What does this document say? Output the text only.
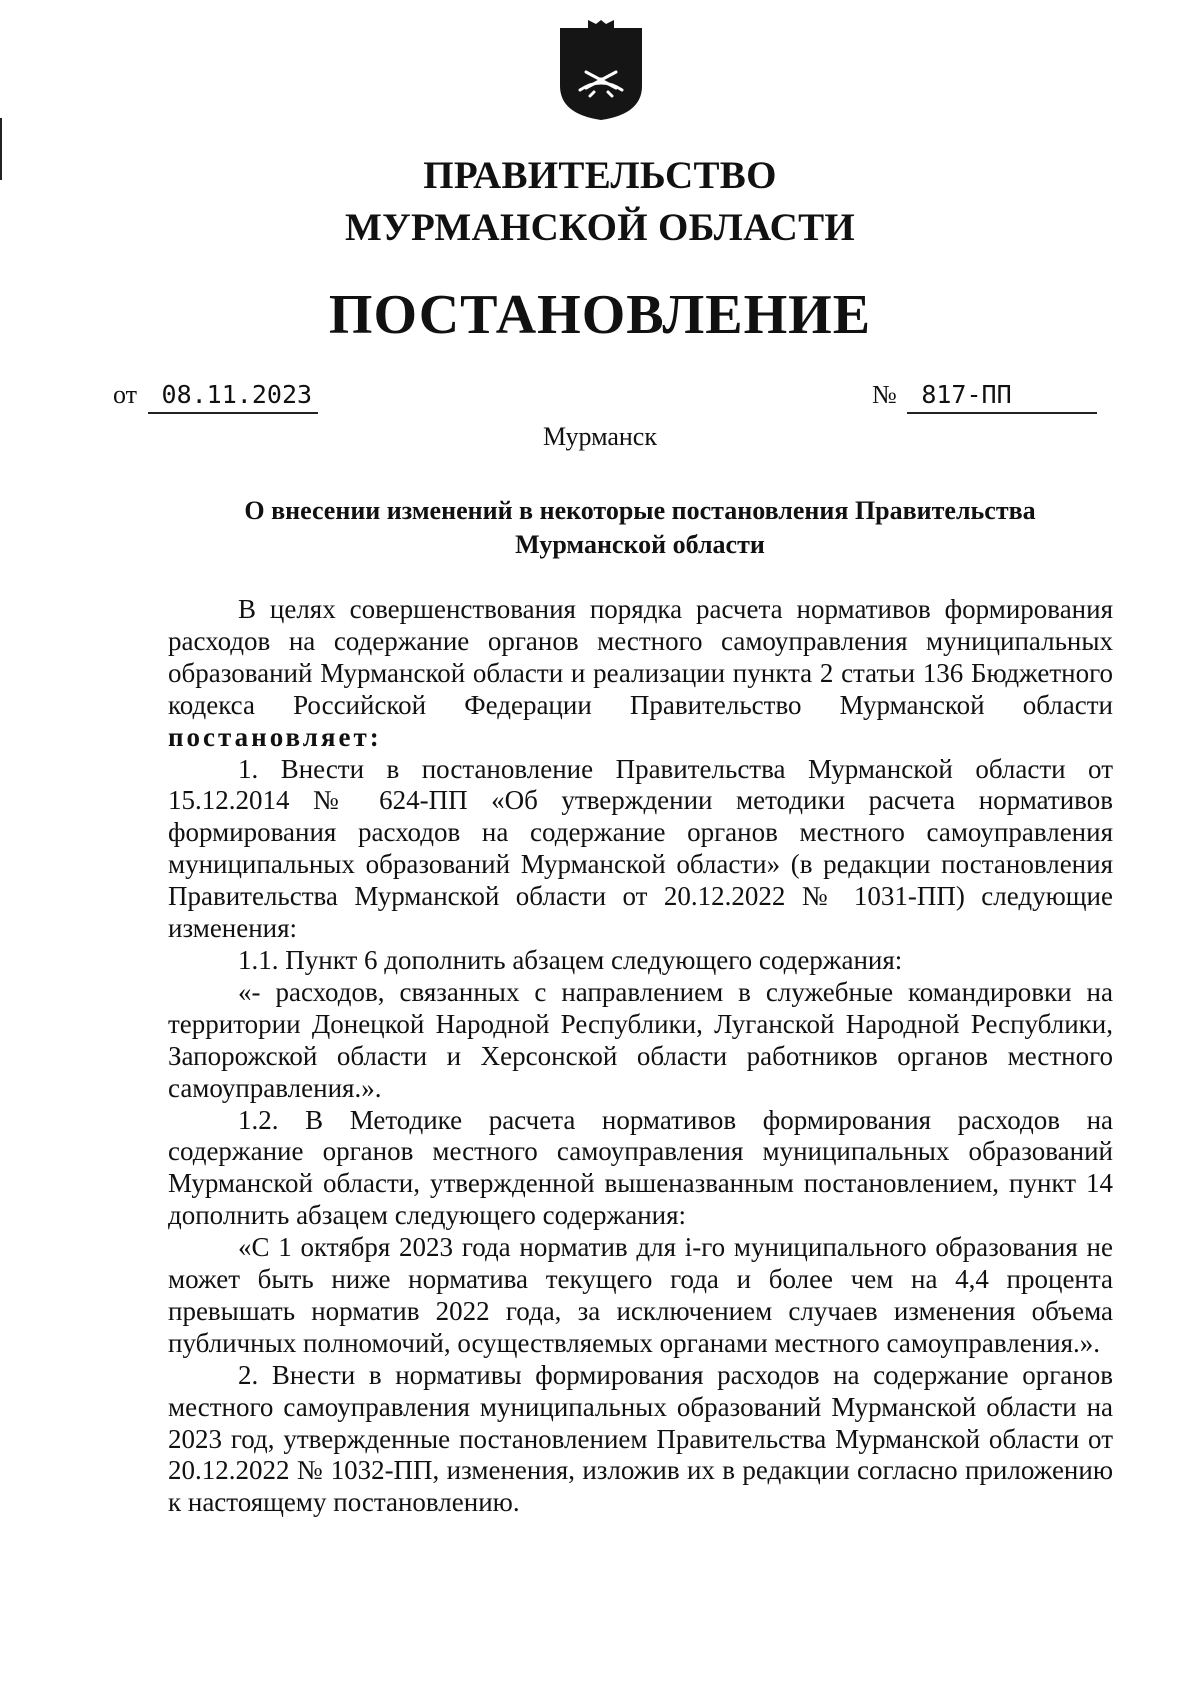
ПРАВИТЕЛЬСТВО
МУРМАНСКОЙ ОБЛАСТИ
ПОСТАНОВЛЕНИЕ
от 08.11.2023	№ 817-ПП
Мурманск
О внесении изменений в некоторые постановления Правительства
Мурманской области

В целях совершенствования порядка расчета нормативов формирования расходов на содержание органов местного самоуправления муниципальных образований Мурманской области и реализации пункта 2 статьи 136 Бюджетного кодекса Российской Федерации Правительство Мурманской области постановляет:

1. Внести в постановление Правительства Мурманской области от 15.12.2014 № 624-ПП «Об утверждении методики расчета нормативов формирования расходов на содержание органов местного самоуправления муниципальных образований Мурманской области» (в редакции постановления Правительства Мурманской области от 20.12.2022 № 1031-ПП) следующие изменения:

1.1. Пункт 6 дополнить абзацем следующего содержания:

«- расходов, связанных с направлением в служебные командировки на территории Донецкой Народной Республики, Луганской Народной Республики, Запорожской области и Херсонской области работников органов местного самоуправления.».

1.2. В Методике расчета нормативов формирования расходов на содержание органов местного самоуправления муниципальных образований Мурманской области, утвержденной вышеназванным постановлением, пункт 14 дополнить абзацем следующего содержания:

«С 1 октября 2023 года норматив для i-го муниципального образования не может быть ниже норматива текущего года и более чем на 4,4 процента превышать норматив 2022 года, за исключением случаев изменения объема публичных полномочий, осуществляемых органами местного самоуправления.».

2. Внести в нормативы формирования расходов на содержание органов местного самоуправления муниципальных образований Мурманской области на 2023 год, утвержденные постановлением Правительства Мурманской области от 20.12.2022 № 1032-ПП, изменения, изложив их в редакции согласно приложению к настоящему постановлению.
